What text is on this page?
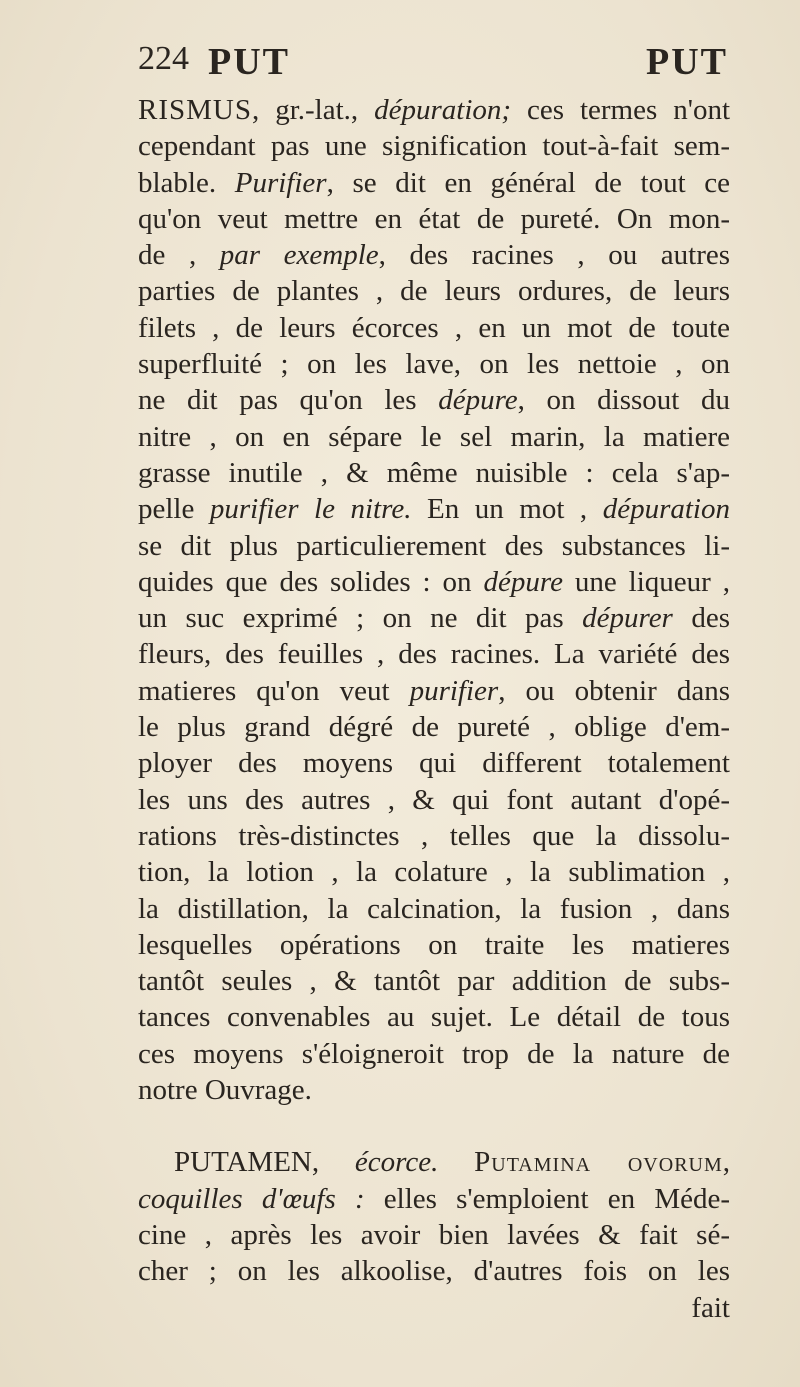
224 PUT	PUT
RISMUS, gr.-lat., dépuration; ces termes n'ont
cependant pas une signification tout-à-fait sem-
blable. Purifier, se dit en général de tout ce
qu'on veut mettre en état de pureté. On mon-
de , par exemple, des racines , ou autres
parties de plantes , de leurs ordures, de leurs
filets , de leurs écorces , en un mot de toute
superfluité ; on les lave, on les nettoie , on
ne dit pas qu'on les dépure, on dissout du
nitre , on en sépare le sel marin, la matiere
grasse inutile , & même nuisible : cela s'ap-
pelle purifier le nitre. En un mot , dépuration
se dit plus particulierement des substances li-
quides que des solides : on dépure une liqueur ,
un suc exprimé ; on ne dit pas dépurer des
fleurs, des feuilles , des racines. La variété des
matieres qu'on veut purifier, ou obtenir dans
le plus grand dégré de pureté , oblige d'em-
ployer des moyens qui different totalement
les uns des autres , & qui font autant d'opé-
rations très-distinctes , telles que la dissolu-
tion, la lotion , la colature , la sublimation ,
la distillation, la calcination, la fusion , dans
lesquelles opérations on traite les matieres
tantôt seules , & tantôt par addition de subs-
tances convenables au sujet. Le détail de tous
ces moyens s'éloigneroit trop de la nature de
notre Ouvrage.
PUTAMEN, écorce. Putamina ovorum,
coquilles d'œufs : elles s'emploient en Méde-
cine , après les avoir bien lavées & fait sé-
cher ; on les alkoolise, d'autres fois on les
fait
